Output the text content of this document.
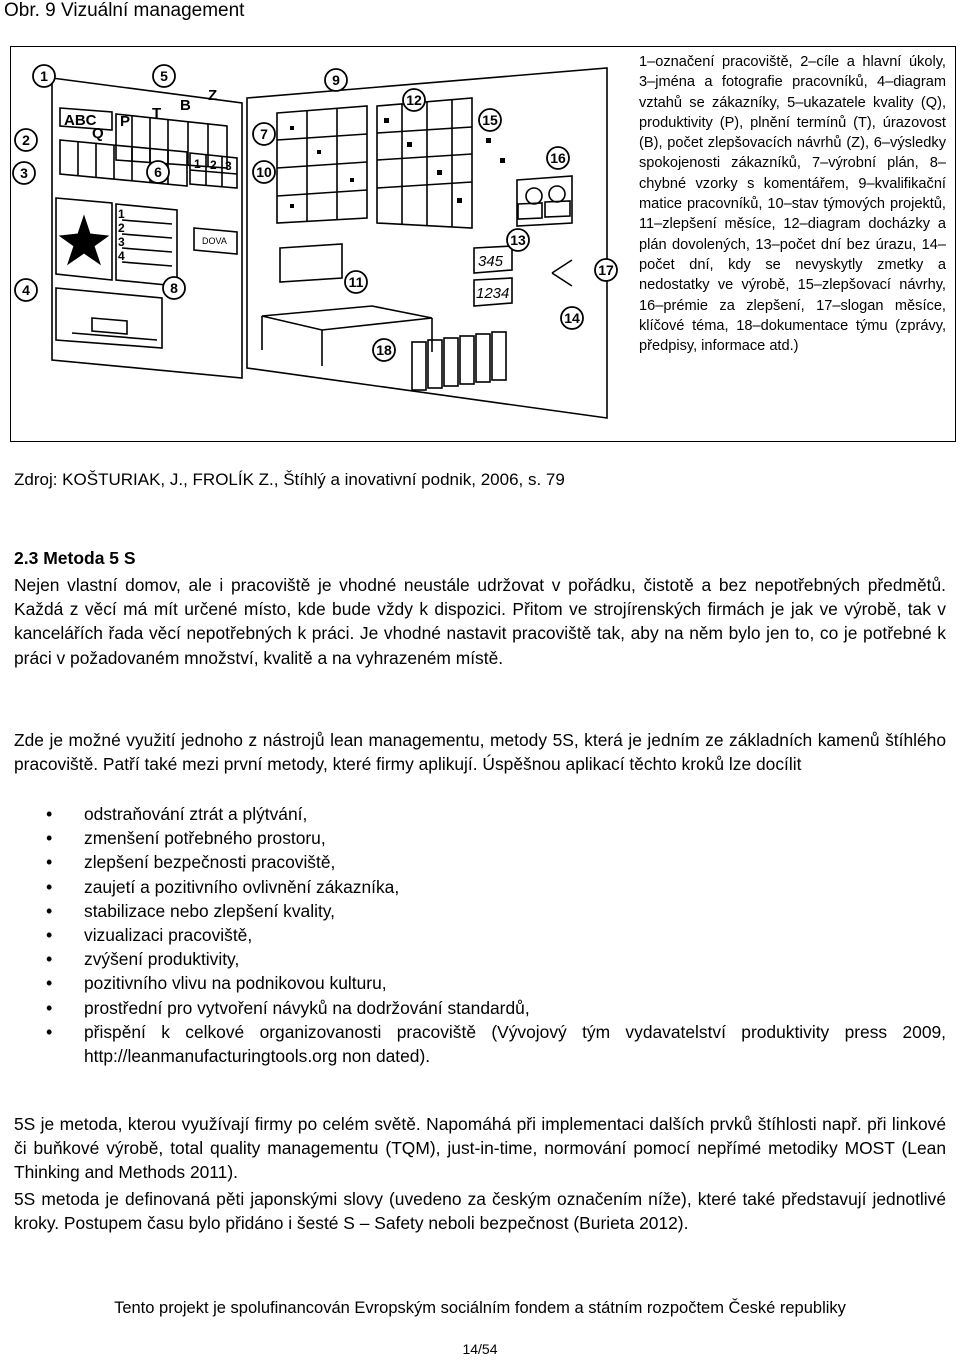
Obr. 9 Vizuální management
ABC
Q
P T B
Z
1 2 3
1
2
3
4
DOVA
345
1234
1
2
3
4
5
6
7
8
9
10
11
12
13
14
15
16
17
18
1–označení pracoviště, 2–cíle a hlavní úkoly, 3–jména a fotografie pracovníků, 4–diagram vztahů se zákazníky, 5–ukazatele kvality (Q), produktivity (P), plnění termínů (T), úrazovost (B), počet zlepšovacích návrhů (Z), 6–výsledky spokojenosti zákazníků, 7–výrobní plán, 8–chybné vzorky s komentářem, 9–kvalifikační matice pracovníků, 10–stav týmových projektů, 11–zlepšení měsíce, 12–diagram docházky a plán dovolených, 13–počet dní bez úrazu, 14–počet dní, kdy se nevyskytly zmetky a nedostatky ve výrobě, 15–zlepšovací návrhy, 16–prémie za zlepšení, 17–slogan měsíce, klíčové téma, 18–dokumentace týmu (zprávy, předpisy, informace atd.)
Zdroj: KOŠTURIAK, J., FROLÍK Z., Štíhlý a inovativní podnik, 2006, s. 79
2.3 Metoda 5 S
Nejen vlastní domov, ale i pracoviště je vhodné neustále udržovat v pořádku, čistotě a bez nepotřebných předmětů. Každá z věcí má mít určené místo, kde bude vždy k dispozici. Přitom ve strojírenských firmách je jak ve výrobě, tak v kancelářích řada věcí nepotřebných k práci. Je vhodné nastavit pracoviště tak, aby na něm bylo jen to, co je potřebné k práci v požadovaném množství, kvalitě a na vyhrazeném místě.
Zde je možné využití jednoho z nástrojů lean managementu, metody 5S, která je jedním ze základních kamenů štíhlého pracoviště. Patří také mezi první metody, které firmy aplikují. Úspěšnou aplikací těchto kroků lze docílit
• odstraňování ztrát a plýtvání,
• zmenšení potřebného prostoru,
• zlepšení bezpečnosti pracoviště,
• zaujetí a pozitivního ovlivnění zákazníka,
• stabilizace nebo zlepšení kvality,
• vizualizaci pracoviště,
• zvýšení produktivity,
• pozitivního vlivu na podnikovou kulturu,
• prostřední pro vytvoření návyků na dodržování standardů,
• přispění k celkové organizovanosti pracoviště (Vývojový tým vydavatelství produktivity press 2009, http://leanmanufacturingtools.org non dated).
5S je metoda, kterou využívají firmy po celém světě. Napomáhá při implementaci dalších prvků štíhlosti např. při linkové či buňkové výrobě, total quality managementu (TQM), just-in-time, normování pomocí nepřímé metodiky MOST (Lean Thinking and Methods 2011).
5S metoda je definovaná pěti japonskými slovy (uvedeno za českým označením níže), které také představují jednotlivé kroky. Postupem času bylo přidáno i šesté S – Safety neboli bezpečnost (Burieta 2012).
Tento projekt je spolufinancován Evropským sociálním fondem a státním rozpočtem České republiky
14/54
